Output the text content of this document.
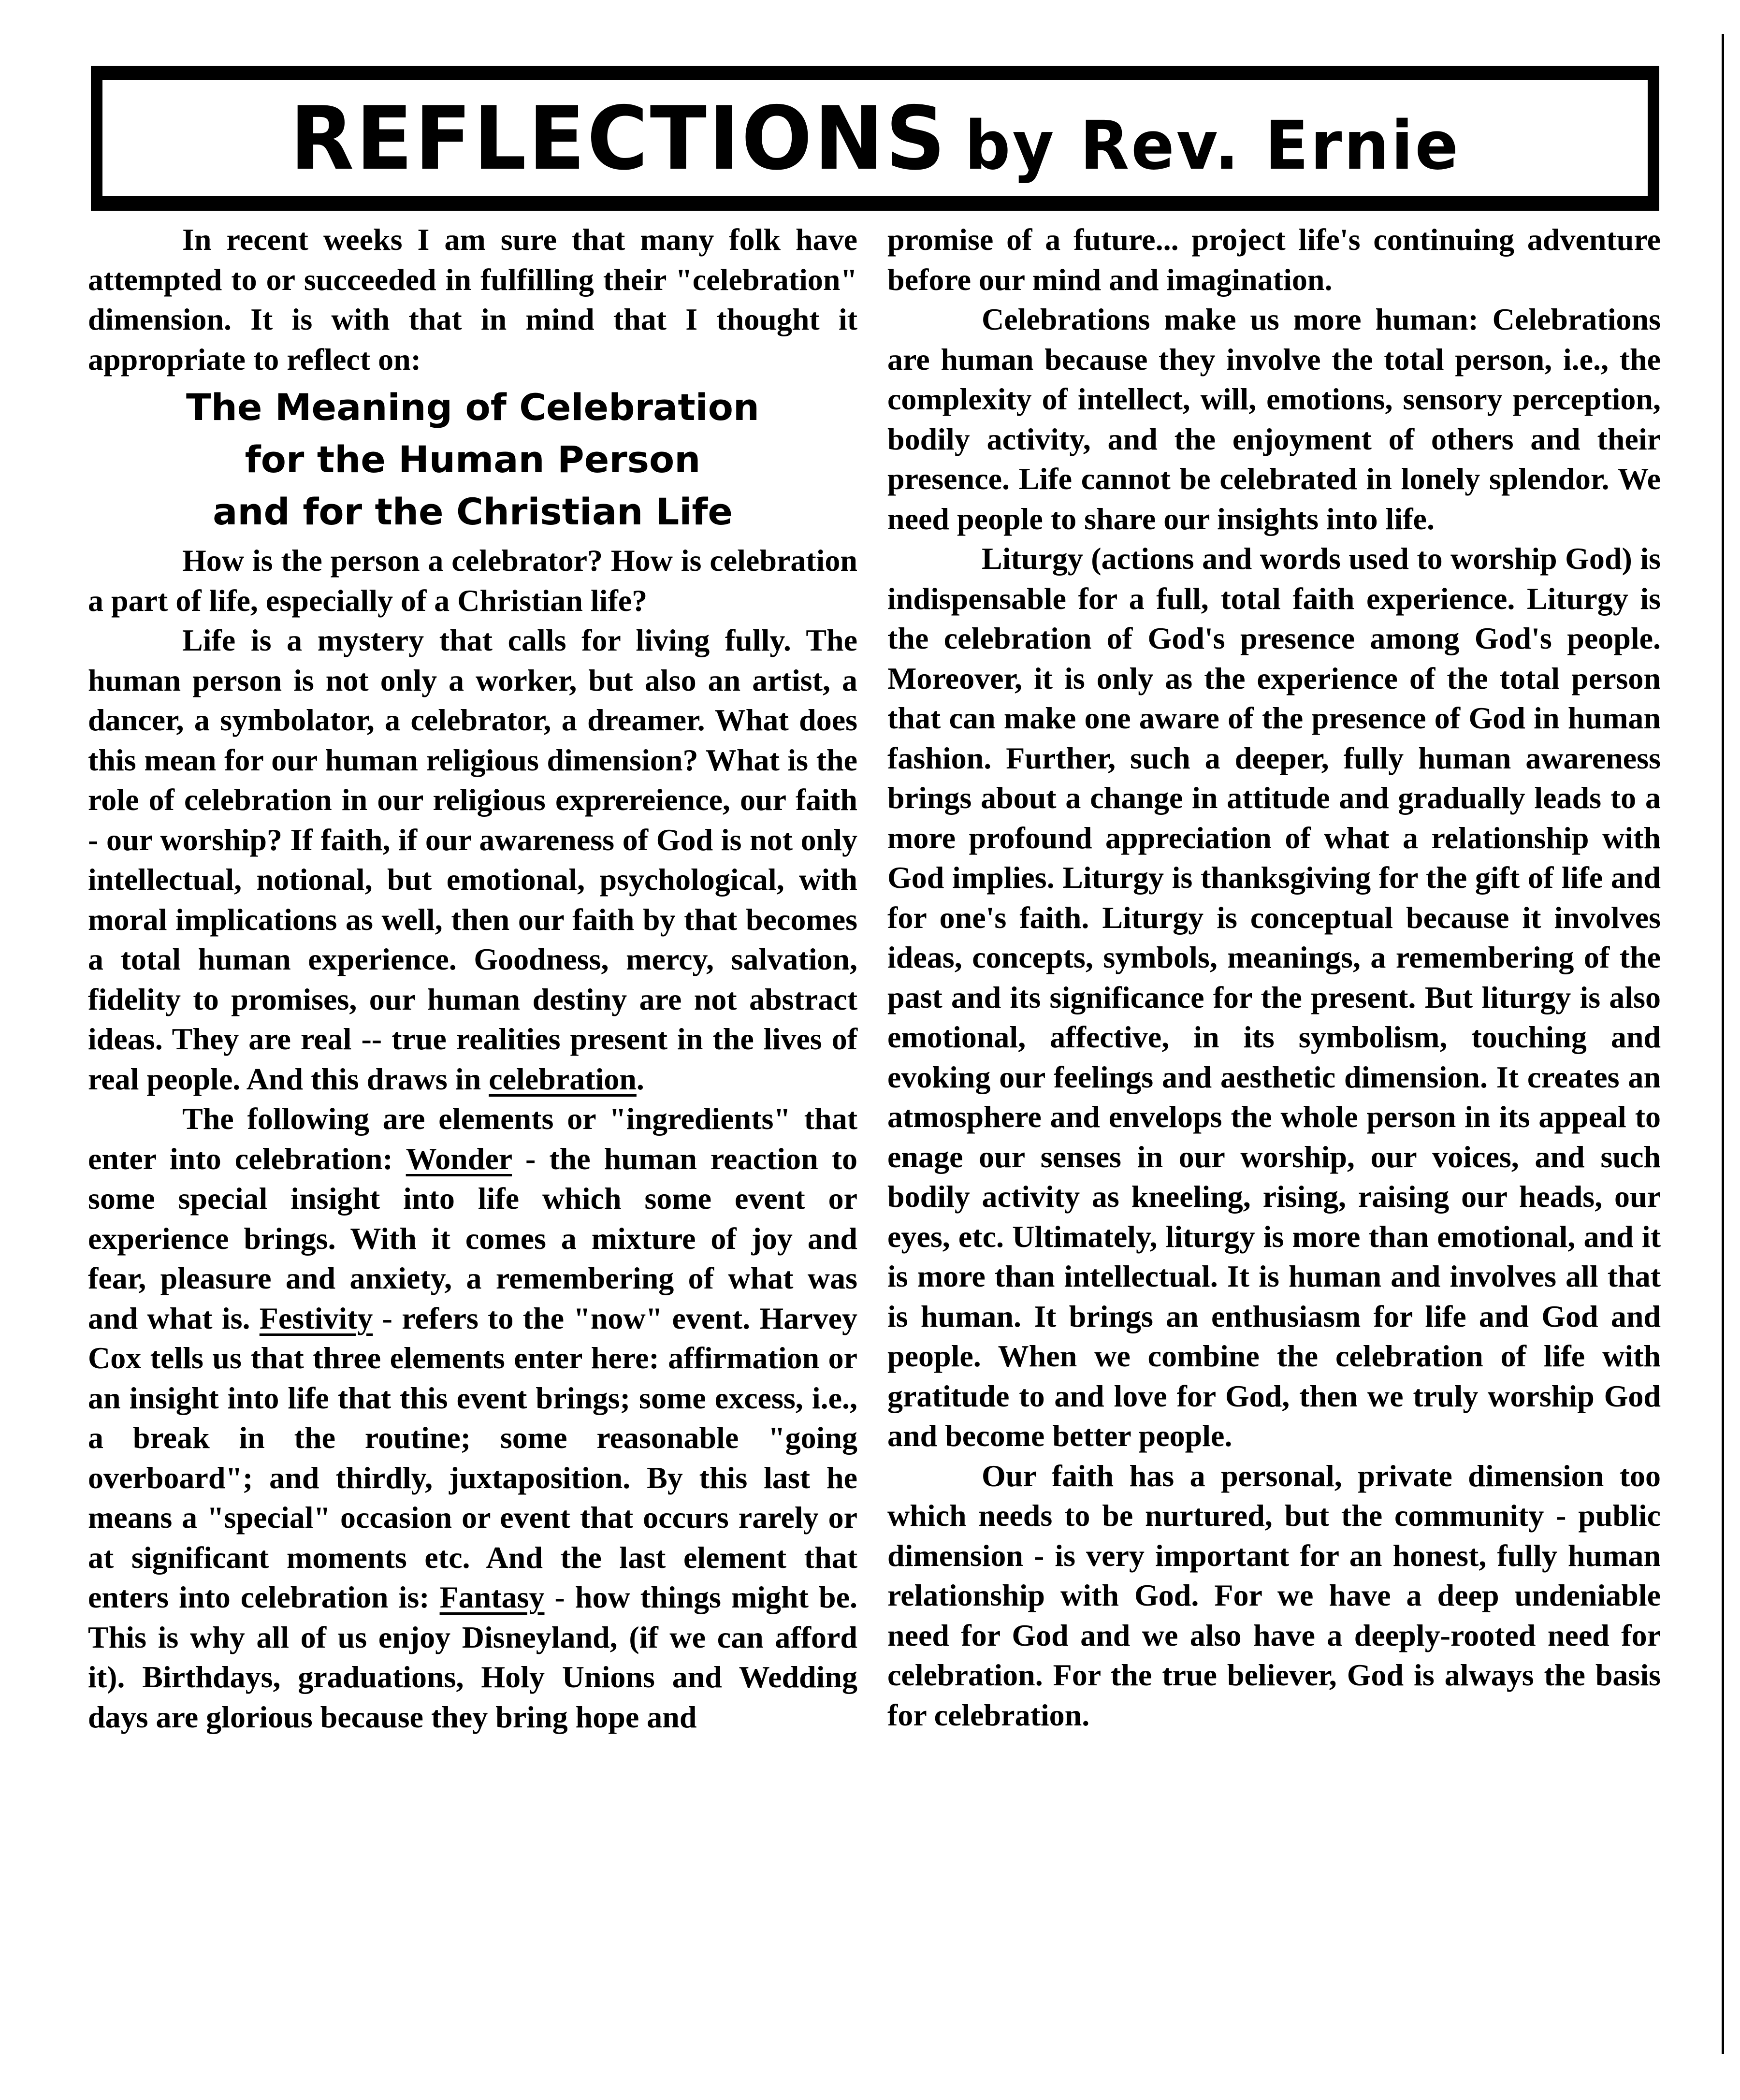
REFLECTIONS by Rev. Ernie

In recent weeks I am sure that many folk have attempted to or succeeded in fulfilling their "celebration" dimension. It is with that in mind that I thought it appropriate to reflect on:

The Meaning of Celebration
for the Human Person
and for the Christian Life

How is the person a celebrator? How is celebration a part of life, especially of a Christian life?

Life is a mystery that calls for living fully. The human person is not only a worker, but also an artist, a dancer, a symbolator, a celebrator, a dreamer. What does this mean for our human religious dimension? What is the role of celebration in our religious exprereience, our faith - our worship? If faith, if our awareness of God is not only intellectual, notional, but emotional, psychological, with moral implications as well, then our faith by that becomes a total human experience. Goodness, mercy, salvation, fidelity to promises, our human destiny are not abstract ideas. They are real -- true realities present in the lives of real people. And this draws in celebration.

The following are elements or "ingredients" that enter into celebration: Wonder - the human reaction to some special insight into life which some event or experience brings. With it comes a mixture of joy and fear, pleasure and anxiety, a remembering of what was and what is. Festivity - refers to the "now" event. Harvey Cox tells us that three elements enter here: affirmation or an insight into life that this event brings; some excess, i.e., a break in the routine; some reasonable "going overboard"; and thirdly, juxtaposition. By this last he means a "special" occasion or event that occurs rarely or at significant moments etc. And the last element that enters into celebration is: Fantasy - how things might be. This is why all of us enjoy Disneyland, (if we can afford it). Birthdays, graduations, Holy Unions and Wedding days are glorious because they bring hope and

promise of a future... project life's continuing adventure before our mind and imagination.

Celebrations make us more human: Celebrations are human because they involve the total person, i.e., the complexity of intellect, will, emotions, sensory perception, bodily activity, and the enjoyment of others and their presence. Life cannot be celebrated in lonely splendor. We need people to share our insights into life.

Liturgy (actions and words used to worship God) is indispensable for a full, total faith experience. Liturgy is the celebration of God's presence among God's people. Moreover, it is only as the experience of the total person that can make one aware of the presence of God in human fashion. Further, such a deeper, fully human awareness brings about a change in attitude and gradually leads to a more profound appreciation of what a relationship with God implies. Liturgy is thanksgiving for the gift of life and for one's faith. Liturgy is conceptual because it involves ideas, concepts, symbols, meanings, a remembering of the past and its significance for the present. But liturgy is also emotional, affective, in its symbolism, touching and evoking our feelings and aesthetic dimension. It creates an atmosphere and envelops the whole person in its appeal to enage our senses in our worship, our voices, and such bodily activity as kneeling, rising, raising our heads, our eyes, etc. Ultimately, liturgy is more than emotional, and it is more than intellectual. It is human and involves all that is human. It brings an enthusiasm for life and God and people. When we combine the celebration of life with gratitude to and love for God, then we truly worship God and become better people.

Our faith has a personal, private dimension too which needs to be nurtured, but the community - public dimension - is very important for an honest, fully human relationship with God. For we have a deep undeniable need for God and we also have a deeply-rooted need for celebration. For the true believer, God is always the basis for celebration.
